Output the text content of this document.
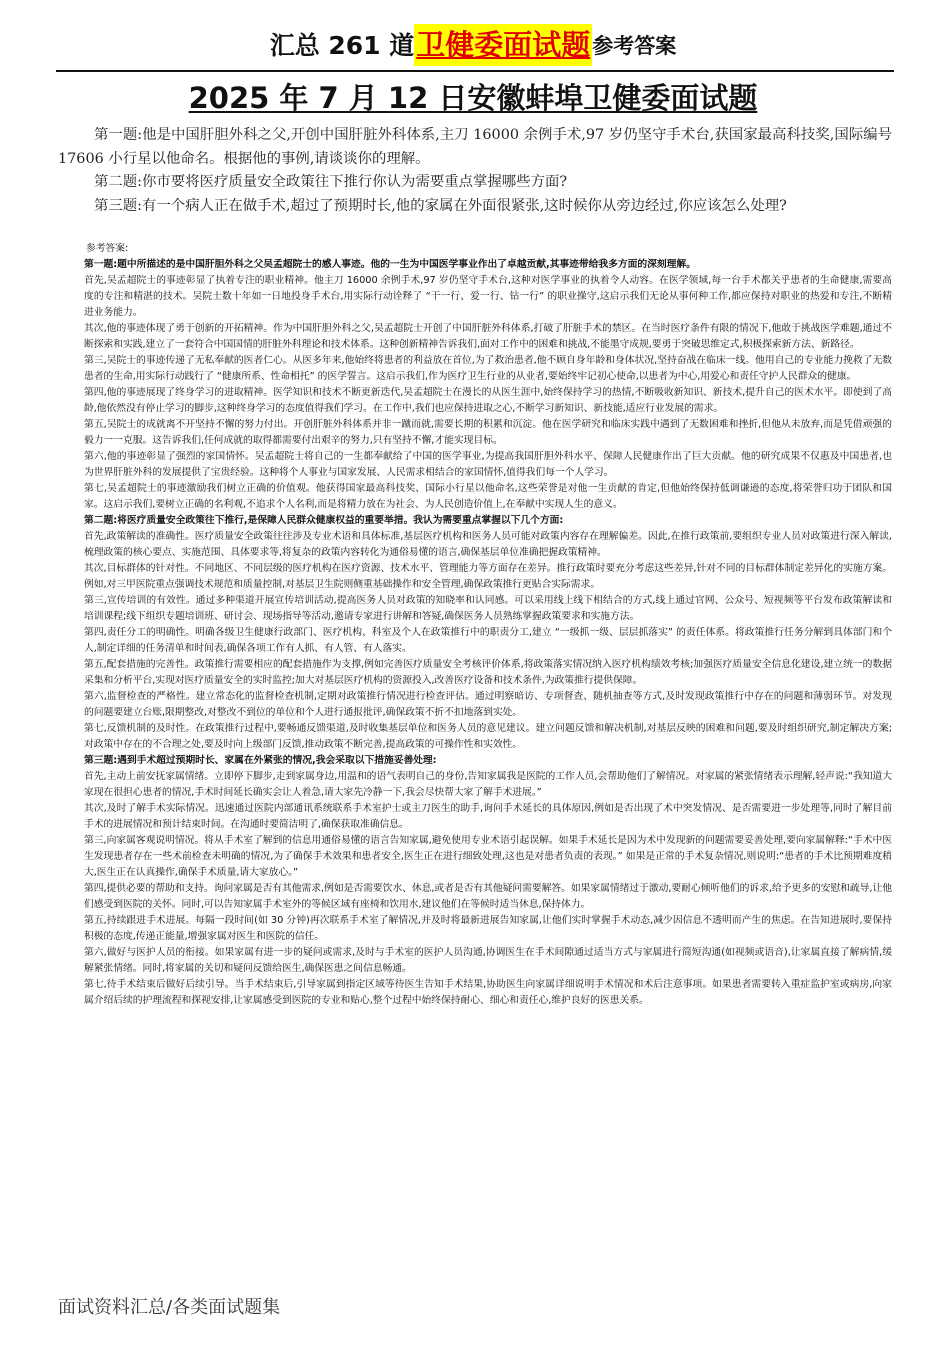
汇总 261 道 卫健委面试题 参考答案
2025 年 7 月 12 日安徽蚌埠卫健委面试题

第一题:他是中国肝胆外科之父,开创中国肝脏外科体系,主刀 16000 余例手术,97 岁仍坚守手术台,获国家最高科技奖,国际编号 17606 小行星以他命名。根据他的事例,请谈谈你的理解。

第二题:你市要将医疗质量安全政策往下推行你认为需要重点掌握哪些方面?

第三题:有一个病人正在做手术,超过了预期时长,他的家属在外面很紧张,这时候你从旁边经过,你应该怎么处理?

参考答案:

第一题:题中所描述的是中国肝胆外科之父吴孟超院士的感人事迹。他的一生为中国医学事业作出了卓越贡献,其事迹带给我多方面的深刻理解。

首先,吴孟超院士的事迹彰显了执着专注的职业精神。他主刀 16000 余例手术,97 岁仍坚守手术台,这种对医学事业的执着令人动容。在医学领域,每一台手术都关乎患者的生命健康,需要高度的专注和精湛的技术。吴院士数十年如一日地投身手术台,用实际行动诠释了 “干一行、爱一行、钻一行” 的职业操守,这启示我们无论从事何种工作,都应保持对职业的热爱和专注,不断精进业务能力。

其次,他的事迹体现了勇于创新的开拓精神。作为中国肝胆外科之父,吴孟超院士开创了中国肝脏外科体系,打破了肝脏手术的禁区。在当时医疗条件有限的情况下,他敢于挑战医学难题,通过不断探索和实践,建立了一套符合中国国情的肝脏外科理论和技术体系。这种创新精神告诉我们,面对工作中的困难和挑战,不能墨守成规,要勇于突破思维定式,积极探索新方法、新路径。

第三,吴院士的事迹传递了无私奉献的医者仁心。从医多年来,他始终将患者的利益放在首位,为了救治患者,他不顾自身年龄和身体状况,坚持奋战在临床一线。他用自己的专业能力挽救了无数患者的生命,用实际行动践行了 “健康所系、性命相托” 的医学誓言。这启示我们,作为医疗卫生行业的从业者,要始终牢记初心使命,以患者为中心,用爱心和责任守护人民群众的健康。

第四,他的事迹展现了终身学习的进取精神。医学知识和技术不断更新迭代,吴孟超院士在漫长的从医生涯中,始终保持学习的热情,不断吸收新知识、新技术,提升自己的医术水平。即使到了高龄,他依然没有停止学习的脚步,这种终身学习的态度值得我们学习。在工作中,我们也应保持进取之心,不断学习新知识、新技能,适应行业发展的需求。

第五,吴院士的成就离不开坚持不懈的努力付出。开创肝脏外科体系并非一蹴而就,需要长期的积累和沉淀。他在医学研究和临床实践中遇到了无数困难和挫折,但他从未放弃,而是凭借顽强的毅力一一克服。这告诉我们,任何成就的取得都需要付出艰辛的努力,只有坚持不懈,才能实现目标。

第六,他的事迹彰显了强烈的家国情怀。吴孟超院士将自己的一生都奉献给了中国的医学事业,为提高我国肝胆外科水平、保障人民健康作出了巨大贡献。他的研究成果不仅惠及中国患者,也为世界肝脏外科的发展提供了宝贵经验。这种将个人事业与国家发展、人民需求相结合的家国情怀,值得我们每一个人学习。

第七,吴孟超院士的事迹激励我们树立正确的价值观。他获得国家最高科技奖、国际小行星以他命名,这些荣誉是对他一生贡献的肯定,但他始终保持低调谦逊的态度,将荣誉归功于团队和国家。这启示我们,要树立正确的名利观,不追求个人名利,而是将精力放在为社会、为人民创造价值上,在奉献中实现人生的意义。

第二题:将医疗质量安全政策往下推行,是保障人民群众健康权益的重要举措。我认为需要重点掌握以下几个方面:

首先,政策解读的准确性。医疗质量安全政策往往涉及专业术语和具体标准,基层医疗机构和医务人员可能对政策内容存在理解偏差。因此,在推行政策前,要组织专业人员对政策进行深入解读,梳理政策的核心要点、实施范围、具体要求等,将复杂的政策内容转化为通俗易懂的语言,确保基层单位准确把握政策精神。

其次,目标群体的针对性。不同地区、不同层级的医疗机构在医疗资源、技术水平、管理能力等方面存在差异。推行政策时要充分考虑这些差异,针对不同的目标群体制定差异化的实施方案。例如,对三甲医院重点强调技术规范和质量控制,对基层卫生院则侧重基础操作和安全管理,确保政策推行更贴合实际需求。

第三,宣传培训的有效性。通过多种渠道开展宣传培训活动,提高医务人员对政策的知晓率和认同感。可以采用线上线下相结合的方式,线上通过官网、公众号、短视频等平台发布政策解读和培训课程;线下组织专题培训班、研讨会、现场指导等活动,邀请专家进行讲解和答疑,确保医务人员熟练掌握政策要求和实施方法。

第四,责任分工的明确性。明确各级卫生健康行政部门、医疗机构、科室及个人在政策推行中的职责分工,建立 “一级抓一级、层层抓落实” 的责任体系。将政策推行任务分解到具体部门和个人,制定详细的任务清单和时间表,确保各项工作有人抓、有人管、有人落实。

第五,配套措施的完善性。政策推行需要相应的配套措施作为支撑,例如完善医疗质量安全考核评价体系,将政策落实情况纳入医疗机构绩效考核;加强医疗质量安全信息化建设,建立统一的数据采集和分析平台,实现对医疗质量安全的实时监控;加大对基层医疗机构的资源投入,改善医疗设备和技术条件,为政策推行提供保障。

第六,监督检查的严格性。建立常态化的监督检查机制,定期对政策推行情况进行检查评估。通过明察暗访、专项督查、随机抽查等方式,及时发现政策推行中存在的问题和薄弱环节。对发现的问题要建立台账,限期整改,对整改不到位的单位和个人进行通报批评,确保政策不折不扣地落到实处。

第七,反馈机制的及时性。在政策推行过程中,要畅通反馈渠道,及时收集基层单位和医务人员的意见建议。建立问题反馈和解决机制,对基层反映的困难和问题,要及时组织研究,制定解决方案;对政策中存在的不合理之处,要及时向上级部门反馈,推动政策不断完善,提高政策的可操作性和实效性。

第三题:遇到手术超过预期时长、家属在外紧张的情况,我会采取以下措施妥善处理:

首先,主动上前安抚家属情绪。立即停下脚步,走到家属身边,用温和的语气表明自己的身份,告知家属我是医院的工作人员,会帮助他们了解情况。对家属的紧张情绪表示理解,轻声说:“我知道大家现在很担心患者的情况,手术时间延长确实会让人着急,请大家先冷静一下,我会尽快帮大家了解手术进展。”

其次,及时了解手术实际情况。迅速通过医院内部通讯系统联系手术室护士或主刀医生的助手,询问手术延长的具体原因,例如是否出现了术中突发情况、是否需要进一步处理等,同时了解目前手术的进展情况和预计结束时间。在沟通时要简洁明了,确保获取准确信息。

第三,向家属客观说明情况。将从手术室了解到的信息用通俗易懂的语言告知家属,避免使用专业术语引起误解。如果手术延长是因为术中发现新的问题需要妥善处理,要向家属解释:“手术中医生发现患者存在一些术前检查未明确的情况,为了确保手术效果和患者安全,医生正在进行细致处理,这也是对患者负责的表现。” 如果是正常的手术复杂情况,则说明:“患者的手术比预期难度稍大,医生正在认真操作,确保手术质量,请大家放心。”

第四,提供必要的帮助和支持。询问家属是否有其他需求,例如是否需要饮水、休息,或者是否有其他疑问需要解答。如果家属情绪过于激动,要耐心倾听他们的诉求,给予更多的安慰和疏导,让他们感受到医院的关怀。同时,可以告知家属手术室外的等候区域有座椅和饮用水,建议他们在等候时适当休息,保持体力。

第五,持续跟进手术进展。每隔一段时间(如 30 分钟)再次联系手术室了解情况,并及时将最新进展告知家属,让他们实时掌握手术动态,减少因信息不透明而产生的焦虑。在告知进展时,要保持积极的态度,传递正能量,增强家属对医生和医院的信任。

第六,做好与医护人员的衔接。如果家属有进一步的疑问或需求,及时与手术室的医护人员沟通,协调医生在手术间隙通过适当方式与家属进行简短沟通(如视频或语音),让家属直接了解病情,缓解紧张情绪。同时,将家属的关切和疑问反馈给医生,确保医患之间信息畅通。

第七,待手术结束后做好后续引导。当手术结束后,引导家属到指定区域等待医生告知手术结果,协助医生向家属详细说明手术情况和术后注意事项。如果患者需要转入重症监护室或病房,向家属介绍后续的护理流程和探视安排,让家属感受到医院的专业和贴心,整个过程中始终保持耐心、细心和责任心,维护良好的医患关系。

面试资料汇总/各类面试题集
